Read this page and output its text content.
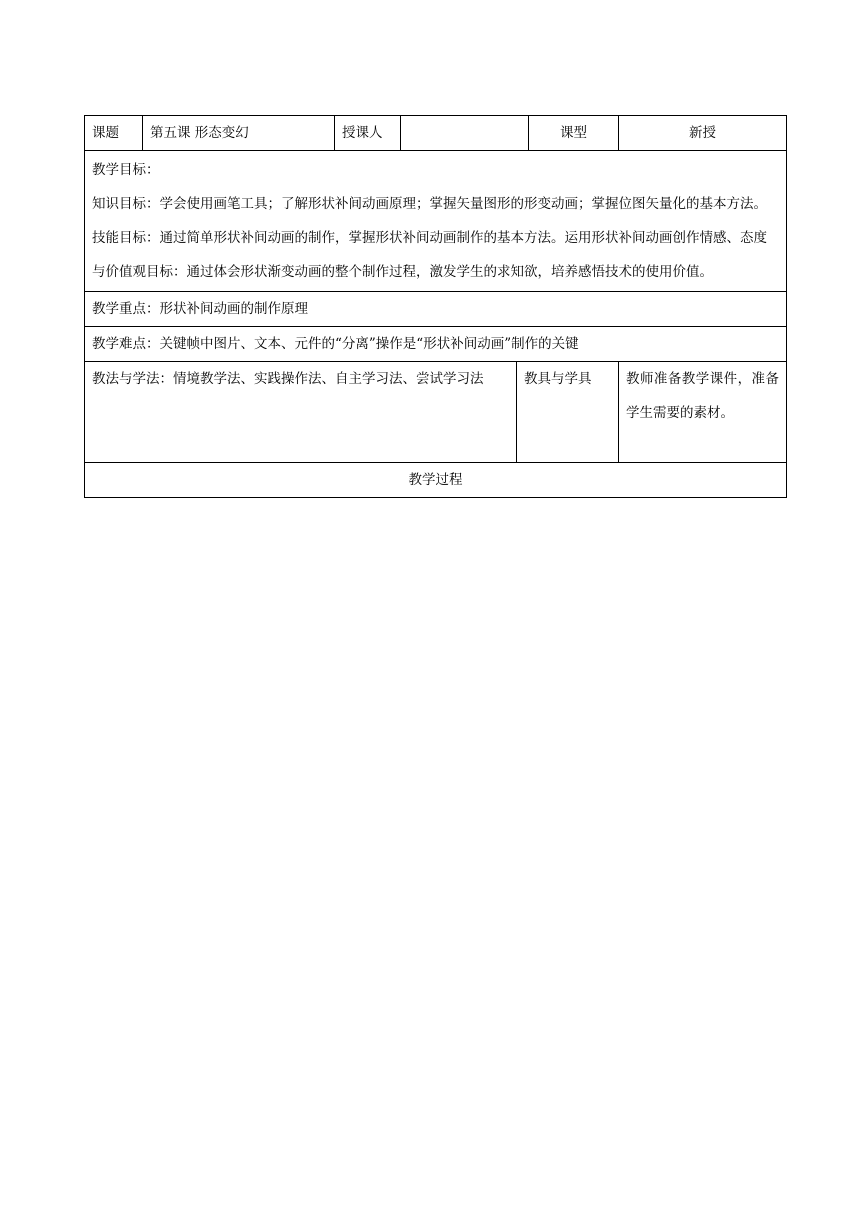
课题	第五课 形态变幻	授课人			课型	新授

教学目标：

知识目标：学会使用画笔工具；了解形状补间动画原理；掌握矢量图形的形变动画；掌握位图矢量化的基本方法。

技能目标：通过简单形状补间动画的制作，掌握形状补间动画制作的基本方法。运用形状补间动画创作情感、态度与价值观目标：通过体会形状渐变动画的整个制作过程，激发学生的求知欲，培养感悟技术的使用价值。						

教学重点：形状补间动画的制作原理						
教学难点：关键帧中图片、文本、元件的“分离”操作是“形状补间动画”制作的关键						
教法与学法：情境教学法、实践操作法、自主学习法、尝试学习法				教具与学具		教师准备教学课件，准备学生需要的素材。
教学过程						
